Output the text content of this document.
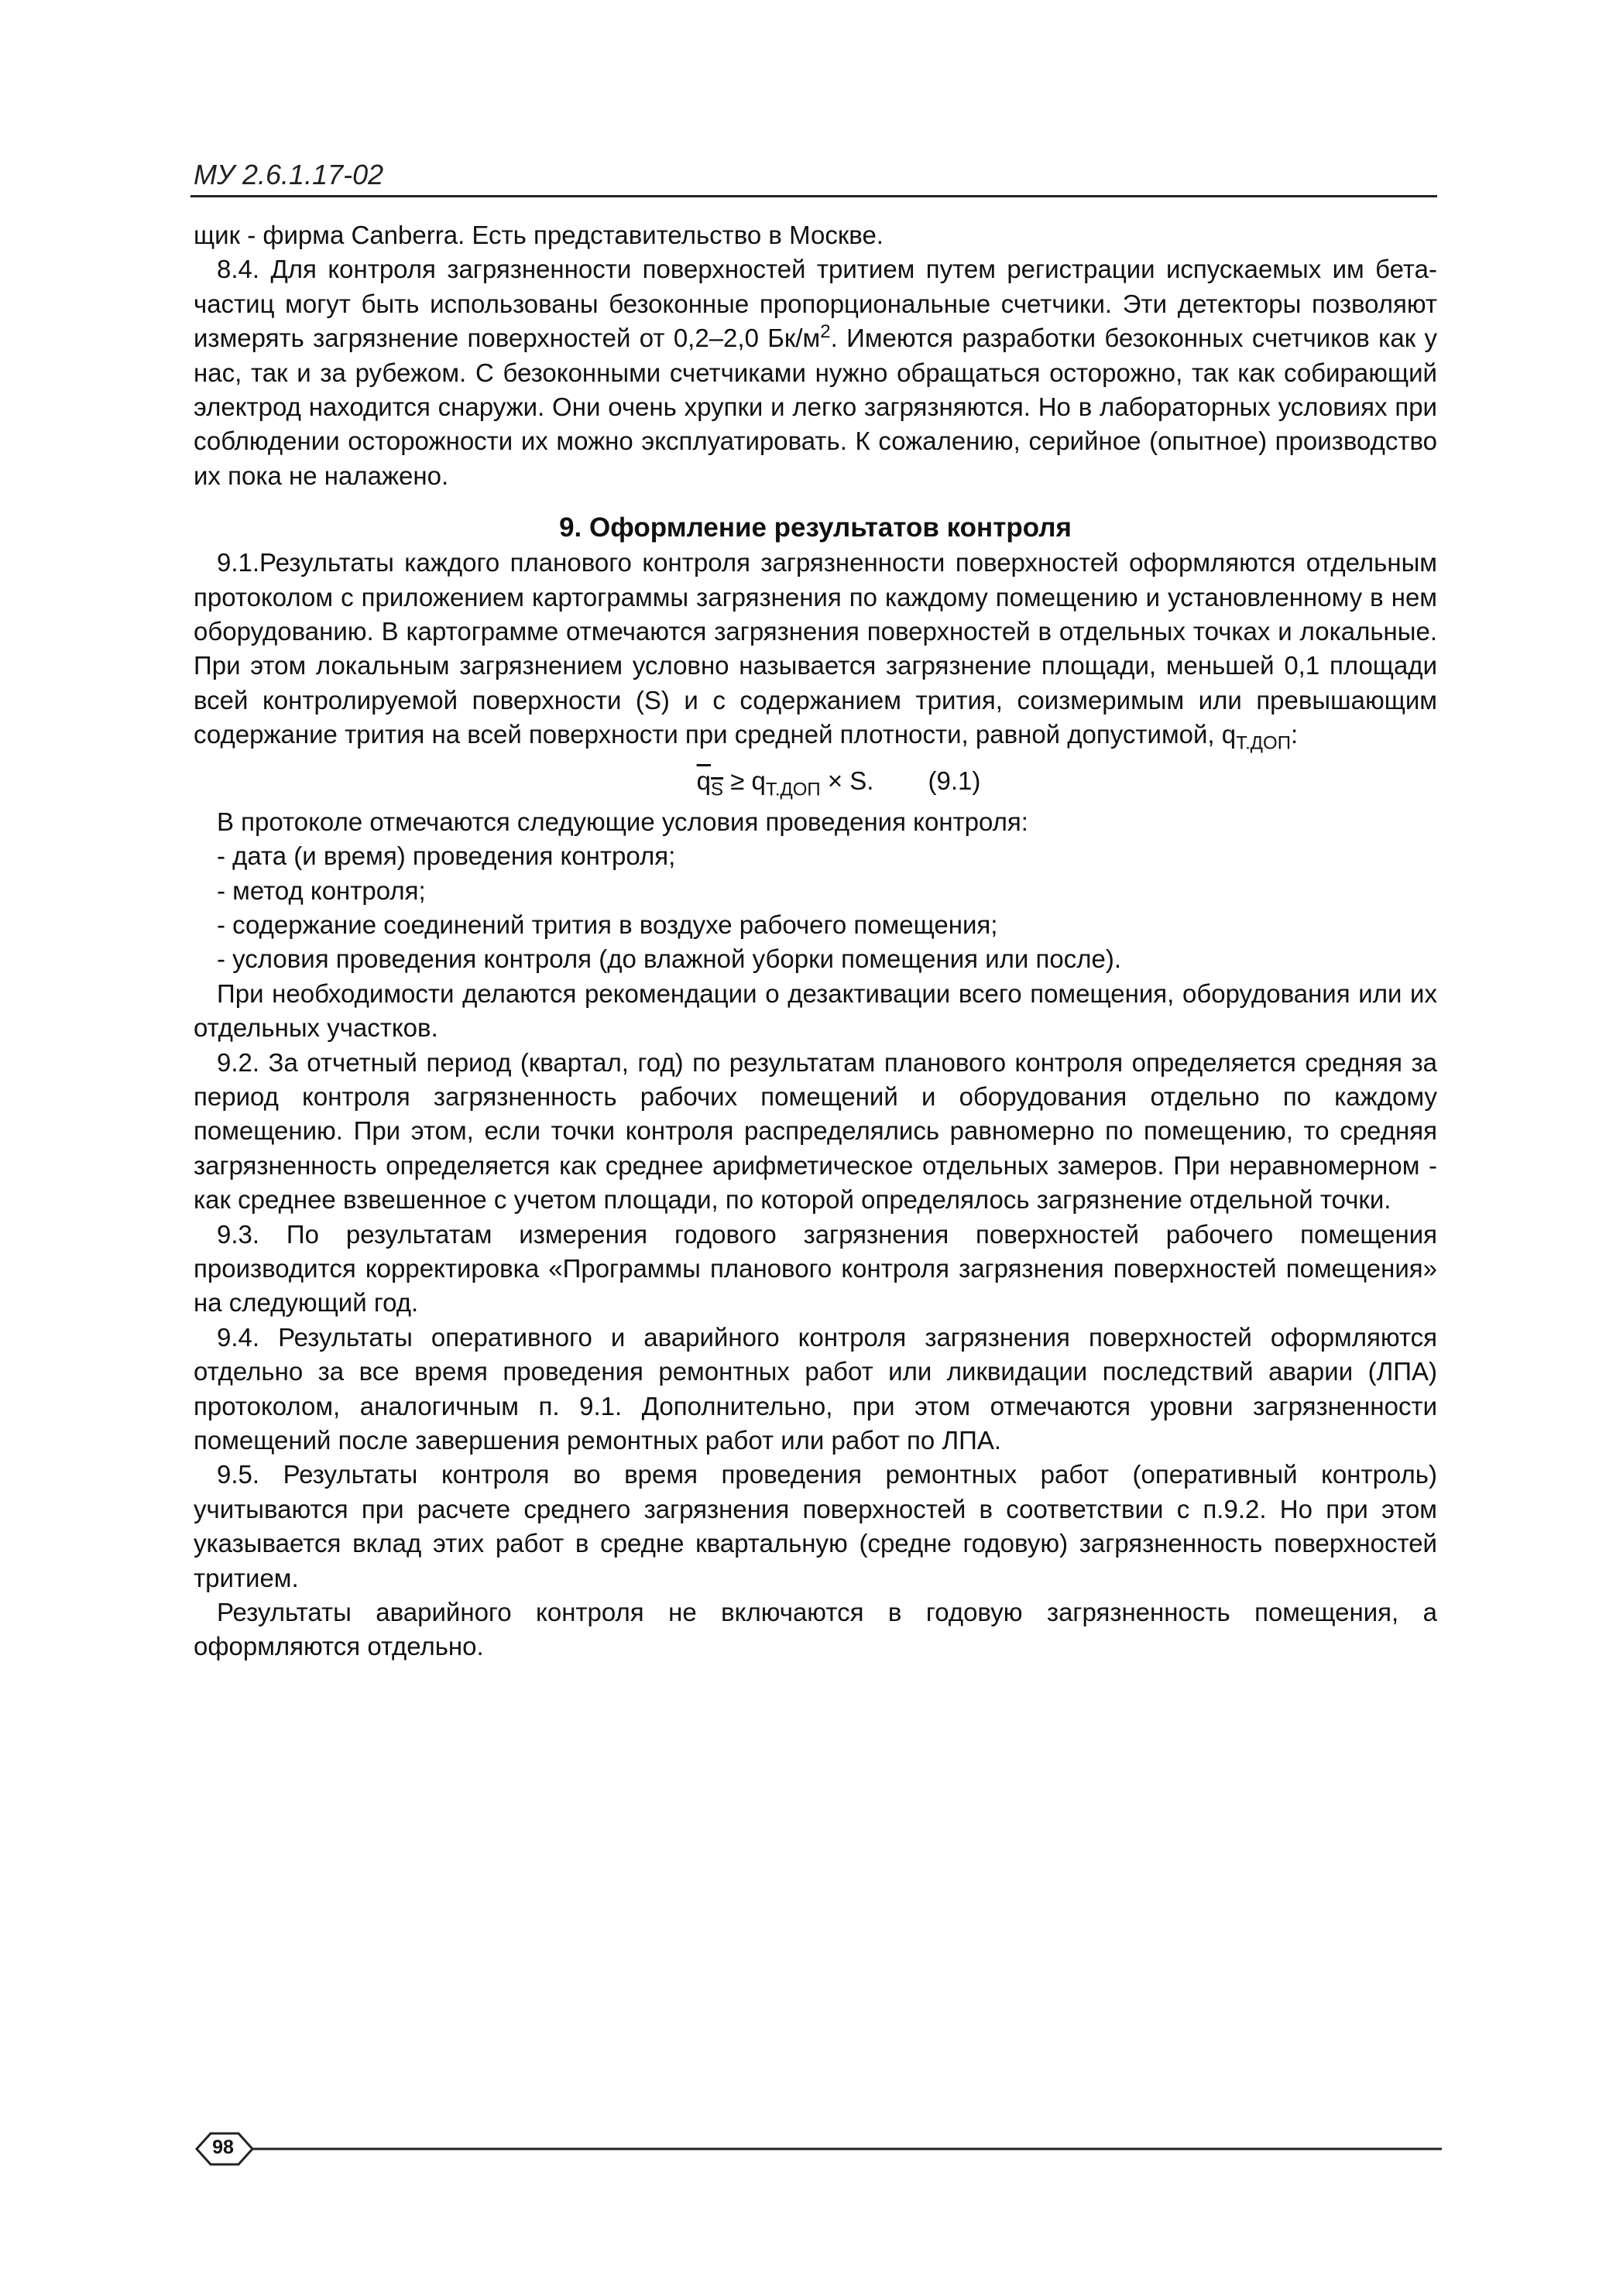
МУ 2.6.1.17-02

щик - фирма Canberra. Есть представительство в Москве.

8.4. Для контроля загрязненности поверхностей тритием путем регистрации испускаемых им бета-частиц могут быть использованы безоконные пропорциональные счетчики. Эти детекторы позволяют измерять загрязнение поверхностей от 0,2–2,0 $Бк/м^2$. Имеются разработки безоконных счетчиков как у нас, так и за рубежом. С безоконными счетчиками нужно обращаться осторожно, так как собирающий электрод находится снаружи. Они очень хрупки и легко загрязняются. Но в лабораторных условиях при соблюдении осторожности их можно эксплуатировать. К сожалению, серийное (опытное) производство их пока не налажено.

9. Оформление результатов контроля

9.1.Результаты каждого планового контроля загрязненности поверхностей оформляются отдельным протоколом с приложением картограммы загрязнения по каждому помещению и установленному в нем оборудованию. В картограмме отмечаются загрязнения поверхностей в отдельных точках и локальные. При этом локальным загрязнением условно называется загрязнение площади, меньшей 0,1 площади всей контролируемой поверхности (S) и с содержанием трития, соизмеримым или превышающим содержание трития на всей поверхности при средней плотности, равной допустимой, $q_{Т.ДОП}$:

$q_S \ge q_{Т.ДОП} \times S$. (9.1)

В протоколе отмечаются следующие условия проведения контроля:

- дата (и время) проведения контроля;

- метод контроля;

- содержание соединений трития в воздухе рабочего помещения;

- условия проведения контроля (до влажной уборки помещения или после).

При необходимости делаются рекомендации о дезактивации всего помещения, оборудования или их отдельных участков.

9.2. За отчетный период (квартал, год) по результатам планового контроля определяется средняя за период контроля загрязненность рабочих помещений и оборудования отдельно по каждому помещению. При этом, если точки контроля распределялись равномерно по помещению, то средняя загрязненность определяется как среднее арифметическое отдельных замеров. При неравномерном - как среднее взвешенное с учетом площади, по которой определялось загрязнение отдельной точки.

9.3. По результатам измерения годового загрязнения поверхностей рабочего помещения производится корректировка «Программы планового контроля загрязнения поверхностей помещения» на следующий год.

9.4. Результаты оперативного и аварийного контроля загрязнения поверхностей оформляются отдельно за все время проведения ремонтных работ или ликвидации последствий аварии (ЛПА) протоколом, аналогичным п. 9.1. Дополнительно, при этом отмечаются уровни загрязненности помещений после завершения ремонтных работ или работ по ЛПА.

9.5. Результаты контроля во время проведения ремонтных работ (оперативный контроль) учитываются при расчете среднего загрязнения поверхностей в соответствии с п.9.2. Но при этом указывается вклад этих работ в средне квартальную (средне годовую) загрязненность поверхностей тритием.

Результаты аварийного контроля не включаются в годовую загрязненность помещения, а оформляются отдельно.

98
